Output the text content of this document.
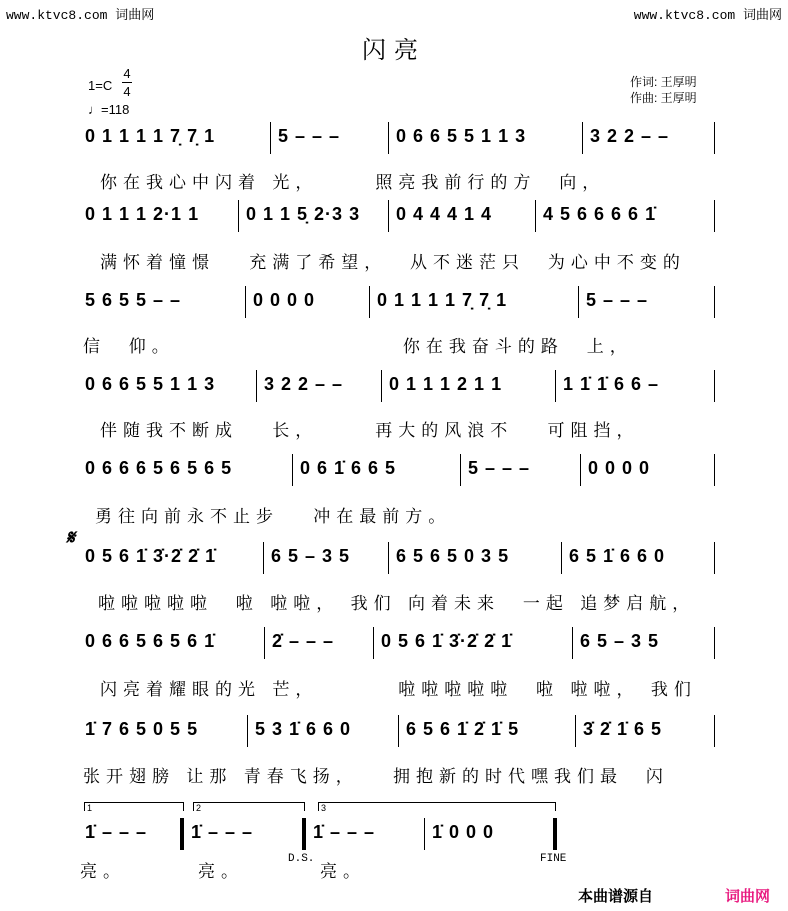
www.ktvc8.com 词曲网	www.ktvc8.com 词曲网
闪亮
1=C
4
4
♩=118
作词: 王厚明
作曲: 王厚明
0 1 1 1 1 7̣ 7̣ 1	5 – – –	0 6 6 5 5 1 1 3	3 2 2 – –
你在我心中闪着 光，     照亮我前行的方  向，
0 1 1 1 2·1 1	0 1 1 5̣ 2·3 3	0 4 4 4 1 4	4 5 6 6 6 6 1̇
满怀着憧憬   充满了希望，  从不迷茫只  为心中不变的
5 6 5 5 – –	0 0 0 0	0 1 1 1 1 7̣ 7̣ 1	5 – – –
信  仰。                    你在我奋斗的路  上，
0 6 6 5 5 1 1 3	3 2 2 – –	0 1 1 1 2 1 1	1 1̇ 1̇ 6 6 –
伴随我不断成   长，     再大的风浪不   可阻挡，
0 6 6 6 5 6 5 6 5	0 6 1̇ 6 6 5	5 – – –	0 0 0 0
勇往向前永不止步   冲在最前方。
0 5 6 1̇ 3̇·2̇ 2̇ 1̇	6 5 – 3 5	6 5 6 5 0 3 5	6 5 1̇ 6 6 0
啦啦啦啦啦  啦 啦啦， 我们 向着未来  一起 追梦启航，
0 6 6 5 6 5 6 1̇	2̇ – – –	0 5 6 1̇ 3̇·2̇ 2̇ 1̇	6 5 – 3 5
闪亮着耀眼的光 芒，       啦啦啦啦啦  啦 啦啦， 我们
1̇ 7 6 5 0 5 5	5 3 1̇ 6 6 0	6 5 6 1̇ 2̇ 1̇ 5	3̇ 2̇ 1̇ 6 5
张开翅膀 让那 青春飞扬，   拥抱新的时代嘿我们最  闪
1̇ – – –	1̇ – – –	1̇ – – –	1̇ 0 0 0
亮。	亮。	亮。
𝄋
1	2	3
D.S.	FINE
本曲谱源自	词曲网
